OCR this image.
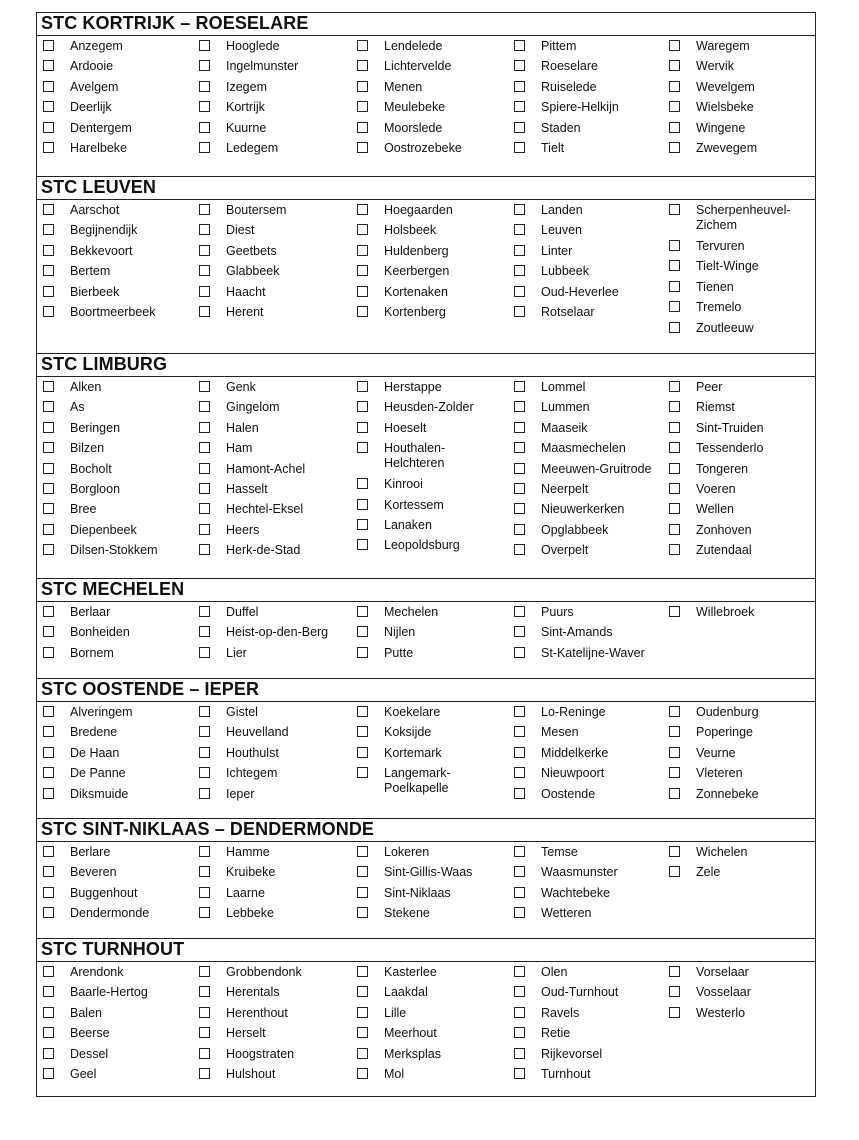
STC KORTRIJK – ROESELARE
Anzegem
Ardooie
Avelgem
Deerlijk
Dentergem
Harelbeke
Hooglede
Ingelmunster
Izegem
Kortrijk
Kuurne
Ledegem
Lendelede
Lichtervelde
Menen
Meulebeke
Moorslede
Oostrozebeke
Pittem
Roeselare
Ruiselede
Spiere-Helkijn
Staden
Tielt
Waregem
Wervik
Wevelgem
Wielsbeke
Wingene
Zwevegem
STC LEUVEN
Aarschot
Begijnendijk
Bekkevoort
Bertem
Bierbeek
Boortmeerbeek
Boutersem
Diest
Geetbets
Glabbeek
Haacht
Herent
Hoegaarden
Holsbeek
Huldenberg
Keerbergen
Kortenaken
Kortenberg
Landen
Leuven
Linter
Lubbeek
Oud-Heverlee
Rotselaar
Scherpenheuvel-
Zichem
Tervuren
Tielt-Winge
Tienen
Tremelo
Zoutleeuw
STC LIMBURG
Alken
As
Beringen
Bilzen
Bocholt
Borgloon
Bree
Diepenbeek
Dilsen-Stokkem
Genk
Gingelom
Halen
Ham
Hamont-Achel
Hasselt
Hechtel-Eksel
Heers
Herk-de-Stad
Herstappe
Heusden-Zolder
Hoeselt
Houthalen-
Helchteren
Kinrooi
Kortessem
Lanaken
Leopoldsburg
Lommel
Lummen
Maaseik
Maasmechelen
Meeuwen-Gruitrode
Neerpelt
Nieuwerkerken
Opglabbeek
Overpelt
Peer
Riemst
Sint-Truiden
Tessenderlo
Tongeren
Voeren
Wellen
Zonhoven
Zutendaal
STC MECHELEN
Berlaar
Bonheiden
Bornem
Duffel
Heist-op-den-Berg
Lier
Mechelen
Nijlen
Putte
Puurs
Sint-Amands
St-Katelijne-Waver
Willebroek
STC OOSTENDE – IEPER
Alveringem
Bredene
De Haan
De Panne
Diksmuide
Gistel
Heuvelland
Houthulst
Ichtegem
Ieper
Koekelare
Koksijde
Kortemark
Langemark-
Poelkapelle
Lo-Reninge
Mesen
Middelkerke
Nieuwpoort
Oostende
Oudenburg
Poperinge
Veurne
Vleteren
Zonnebeke
STC SINT-NIKLAAS – DENDERMONDE
Berlare
Beveren
Buggenhout
Dendermonde
Hamme
Kruibeke
Laarne
Lebbeke
Lokeren
Sint-Gillis-Waas
Sint-Niklaas
Stekene
Temse
Waasmunster
Wachtebeke
Wetteren
Wichelen
Zele
STC TURNHOUT
Arendonk
Baarle-Hertog
Balen
Beerse
Dessel
Geel
Grobbendonk
Herentals
Herenthout
Herselt
Hoogstraten
Hulshout
Kasterlee
Laakdal
Lille
Meerhout
Merksplas
Mol
Olen
Oud-Turnhout
Ravels
Retie
Rijkevorsel
Turnhout
Vorselaar
Vosselaar
Westerlo
